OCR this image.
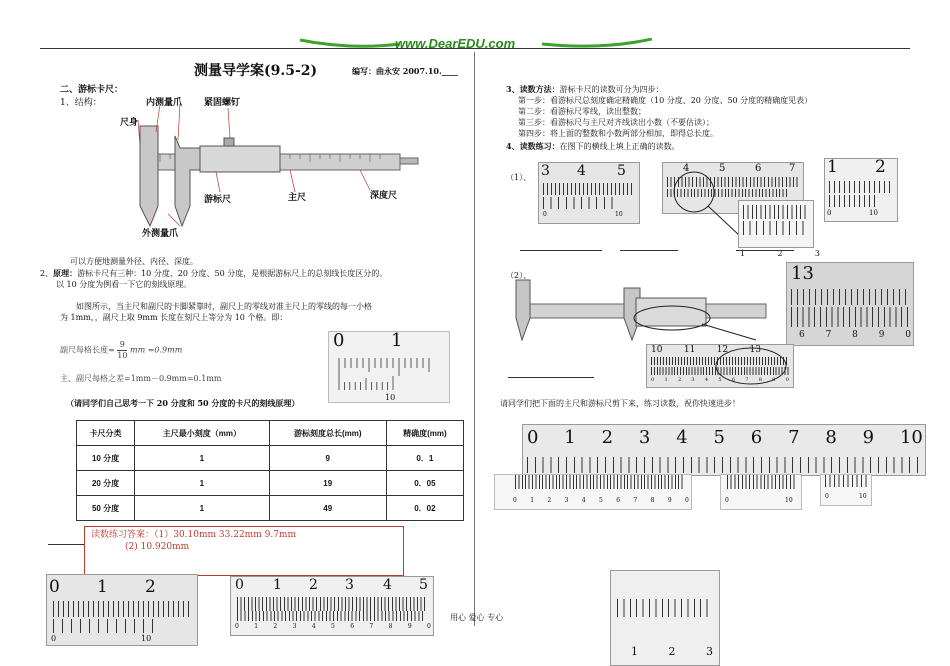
www.DearEDU.com
测量导学案(9.5-2)	编写：曲永安 2007.10.____
二、游标卡尺：
1、结构：	内测量爪	紧固螺钉
尺身
游标尺	主尺	深度尺
外测量爪
可以方便地测量外径、内径、深度。
2、原理：游标卡尺有三种：10 分度、20 分度、50 分度，是根据游标尺上的总刻线长度区分的。
以 10 分度为例看一下它的刻线原理。
如图所示，当主尺和副尺的卡脚紧靠时，副尺上的零线对准主尺上的零线的每一小格
为 1mm，，副尺上取 9mm 长度在刻尺上等分为 10 个格。即：
副尺每格长度= $\frac{9}{10}$ mm =0.9mm
主、副尺每格之差=1mm－0.9mm=0.1mm
0	1
10
（请同学们自己思考一下 20 分度和 50 分度的卡尺的刻线原理）
卡尺分类	主尺最小刻度（mm）	游标刻度总长(mm)	精确度(mm)
10 分度	1	9	0．1
20 分度	1	19	0．05
50 分度	1	49	0．02
读数练习答案：（1）30.10mm 33.22mm 9.7mm
(2) 10.920mm
0 1 2
0	10
0 1 2 3 4 5
0	1	2	3	4	5	6	7	8	9	0
用心 爱心 专心
3、读数方法：游标卡尺的读数可分为四步：
第一步：看游标尺总刻度确定精确度（10 分度、20 分度、50 分度的精确度见表）
第二步：看游标尺零线，读出整数；
第三步：看游标尺与主尺对齐线读出小数（不要估读）；
第四步：将上面的整数和小数两部分相加，即得总长度。
4、读数练习：在图下的横线上填上正确的读数。
（1）、 3 4 5
0	10
4	5	6	7
1	2	3
1 2
0	10
（2）、	13
6 7 8 9 0
10 11 12 13
0 1 2 3 4 5 6 7 8 9 0
请同学们把下面的主尺和游标尺剪下来，练习读数，祝你快速进步！
0 1 2 3 4 5 6 7 8 9 10
0 1 2 3 4 5 6 7 8 9 0	0	10
0	10
1	2	3
